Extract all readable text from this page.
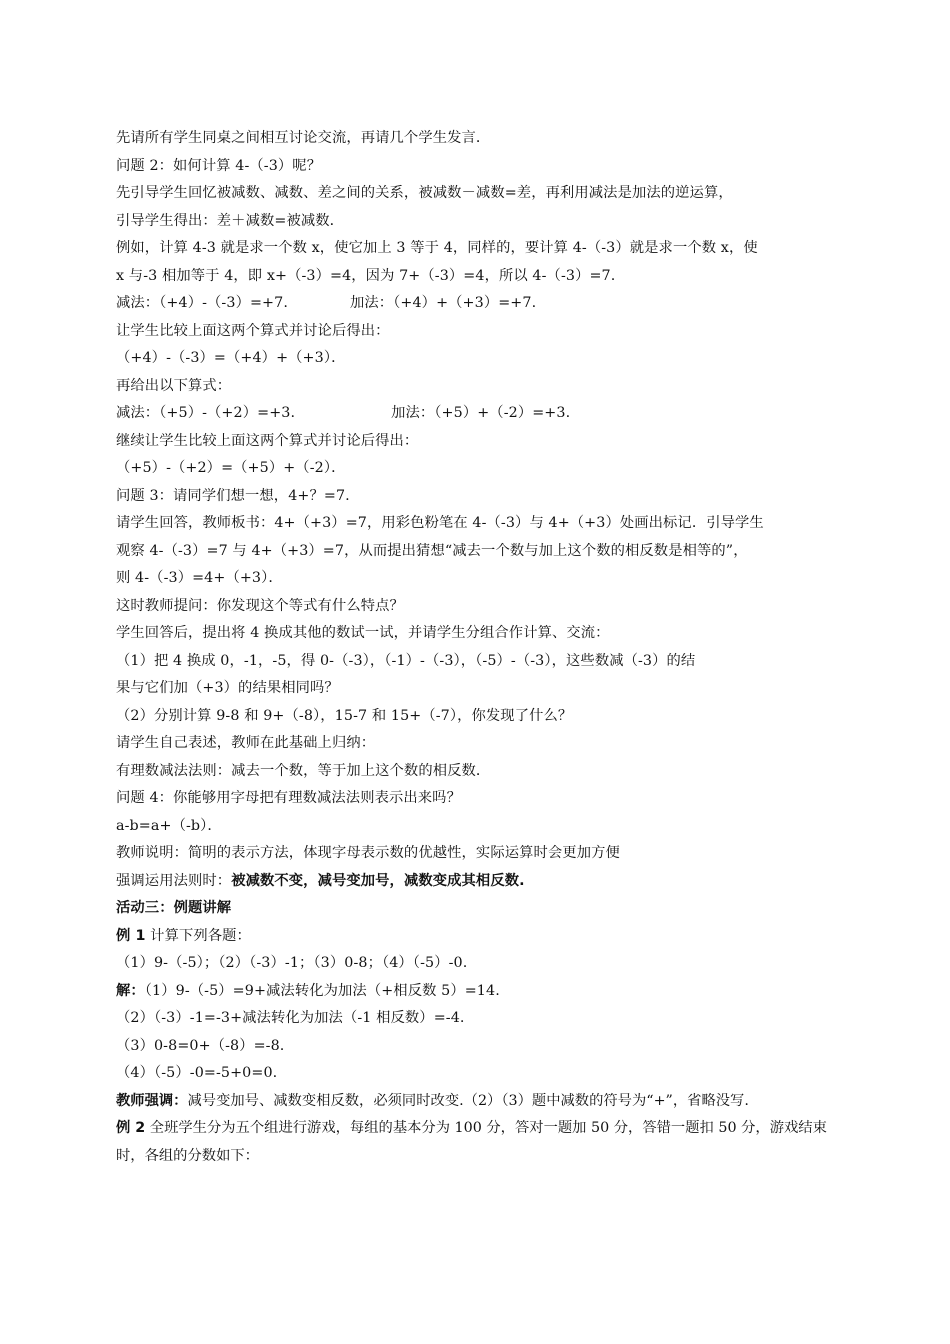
先请所有学生同桌之间相互讨论交流，再请几个学生发言．
问题 2：如何计算 4-（-3）呢？
先引导学生回忆被减数、减数、差之间的关系，被减数－减数=差，再利用减法是加法的逆运算，
引导学生得出：差＋减数=被减数．
例如，计算 4-3 就是求一个数 x，使它加上 3 等于 4，同样的，要计算 4-（-3）就是求一个数 x，使
x 与-3 相加等于 4，即 x+（-3）=4，因为 7+（-3）=4，所以 4-（-3）=7.
减法：（+4）-（-3）=+7.	加法：（+4）+（+3）=+7.
让学生比较上面这两个算式并讨论后得出：
（+4）-（-3）=（+4）+（+3）．
再给出以下算式：
减法：（+5）-（+2）=+3.	加法：（+5）+（-2）=+3.
继续让学生比较上面这两个算式并讨论后得出：
（+5）-（+2）=（+5）+（-2）．
问题 3：请同学们想一想，4+？=7.
请学生回答，教师板书：4+（+3）=7，用彩色粉笔在 4-（-3）与 4+（+3）处画出标记．引导学生
观察 4-（-3）=7 与 4+（+3）=7，从而提出猜想“减去一个数与加上这个数的相反数是相等的”，
则 4-（-3）=4+（+3）．
这时教师提问：你发现这个等式有什么特点？
学生回答后，提出将 4 换成其他的数试一试，并请学生分组合作计算、交流：
（1）把 4 换成 0，-1，-5，得 0-（-3），（-1）-（-3），（-5）-（-3），这些数减（-3）的结
果与它们加（+3）的结果相同吗？
（2）分别计算 9-8 和 9+（-8），15-7 和 15+（-7），你发现了什么？
请学生自己表述，教师在此基础上归纳：
有理数减法法则：减去一个数，等于加上这个数的相反数．
问题 4：你能够用字母把有理数减法法则表示出来吗？
a-b=a+（-b）．
教师说明：简明的表示方法，体现字母表示数的优越性，实际运算时会更加方便
强调运用法则时：被减数不变，减号变加号，减数变成其相反数.
活动三：例题讲解
例 1 计算下列各题：
（1）9-（-5）；（2）（-3）-1；（3）0-8；（4）（-5）-0.
解：（1）9-（-5）=9+减法转化为加法（+相反数 5）=14.
（2）（-3）-1=-3+减法转化为加法（-1 相反数）=-4.
（3）0-8=0+（-8）=-8.
（4）（-5）-0=-5+0=0.
教师强调：减号变加号、减数变相反数，必须同时改变.（2）（3）题中减数的符号为“+”，省略没写.
例 2 全班学生分为五个组进行游戏，每组的基本分为 100 分，答对一题加 50 分，答错一题扣 50 分，游戏结束时，各组的分数如下：
